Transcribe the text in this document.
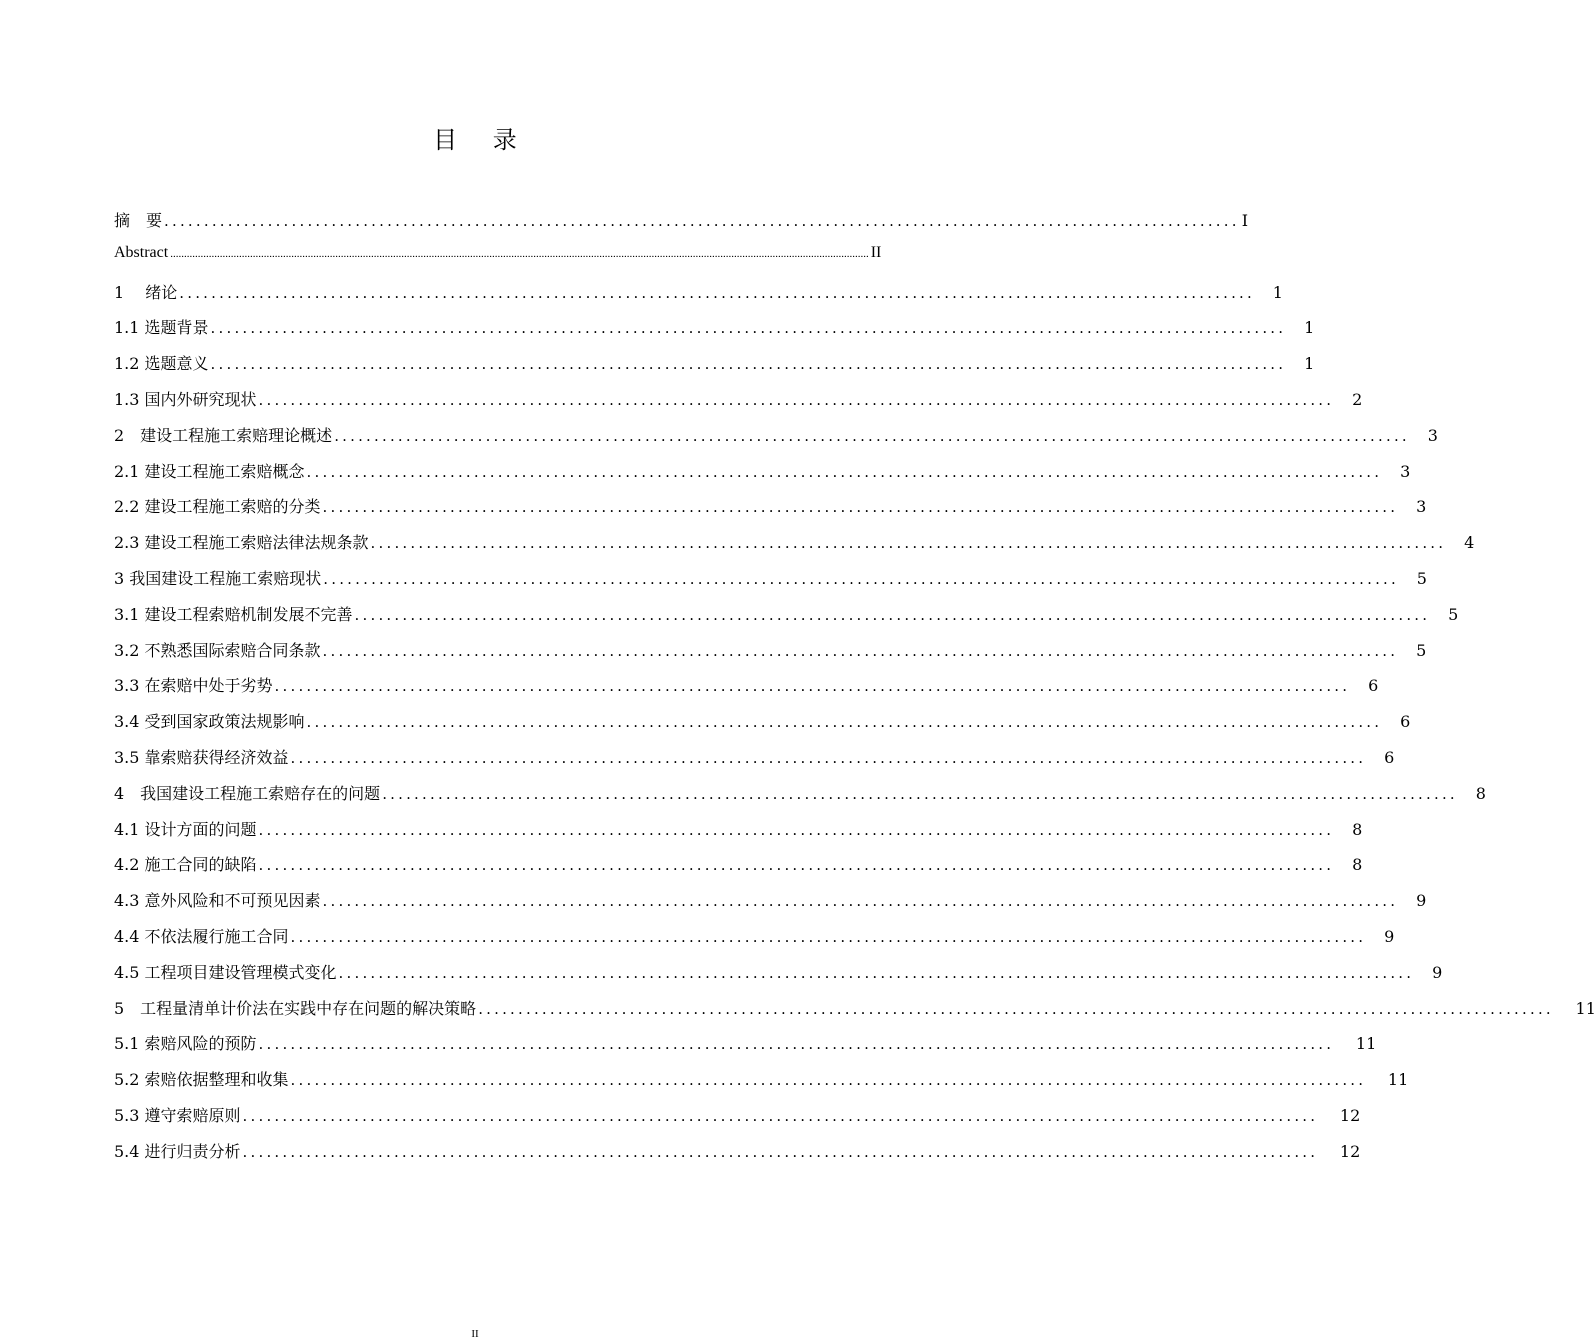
目 录
摘　要 ....................................................................................................................................... I
Abstract .............................................................................................................................................................................................................................................................. II
1　 绪论 .......................................................................................................................................	1
1.1 选题背景 .......................................................................................................................................	1
1.2 选题意义 .......................................................................................................................................	1
1.3 国内外研究现状 .......................................................................................................................................	2
2　建设工程施工索赔理论概述 .......................................................................................................................................	3
2.1 建设工程施工索赔概念 .......................................................................................................................................	3
2.2 建设工程施工索赔的分类 .......................................................................................................................................	3
2.3 建设工程施工索赔法律法规条款 .......................................................................................................................................	4
3 我国建设工程施工索赔现状 .......................................................................................................................................	5
3.1 建设工程索赔机制发展不完善 .......................................................................................................................................	5
3.2 不熟悉国际索赔合同条款 .......................................................................................................................................	5
3.3 在索赔中处于劣势 .......................................................................................................................................	6
3.4 受到国家政策法规影响 .......................................................................................................................................	6
3.5 靠索赔获得经济效益 .......................................................................................................................................	6
4　我国建设工程施工索赔存在的问题 .......................................................................................................................................	8
4.1 设计方面的问题 .......................................................................................................................................	8
4.2 施工合同的缺陷 .......................................................................................................................................	8
4.3 意外风险和不可预见因素 .......................................................................................................................................	9
4.4 不依法履行施工合同 .......................................................................................................................................	9
4.5 工程项目建设管理模式变化 .......................................................................................................................................	9
5　工程量清单计价法在实践中存在问题的解决策略 .......................................................................................................................................	11
5.1 索赔风险的预防 .......................................................................................................................................	11
5.2 索赔依据整理和收集 .......................................................................................................................................	11
5.3 遵守索赔原则 .......................................................................................................................................	12
5.4 进行归责分析 .......................................................................................................................................	12
II
